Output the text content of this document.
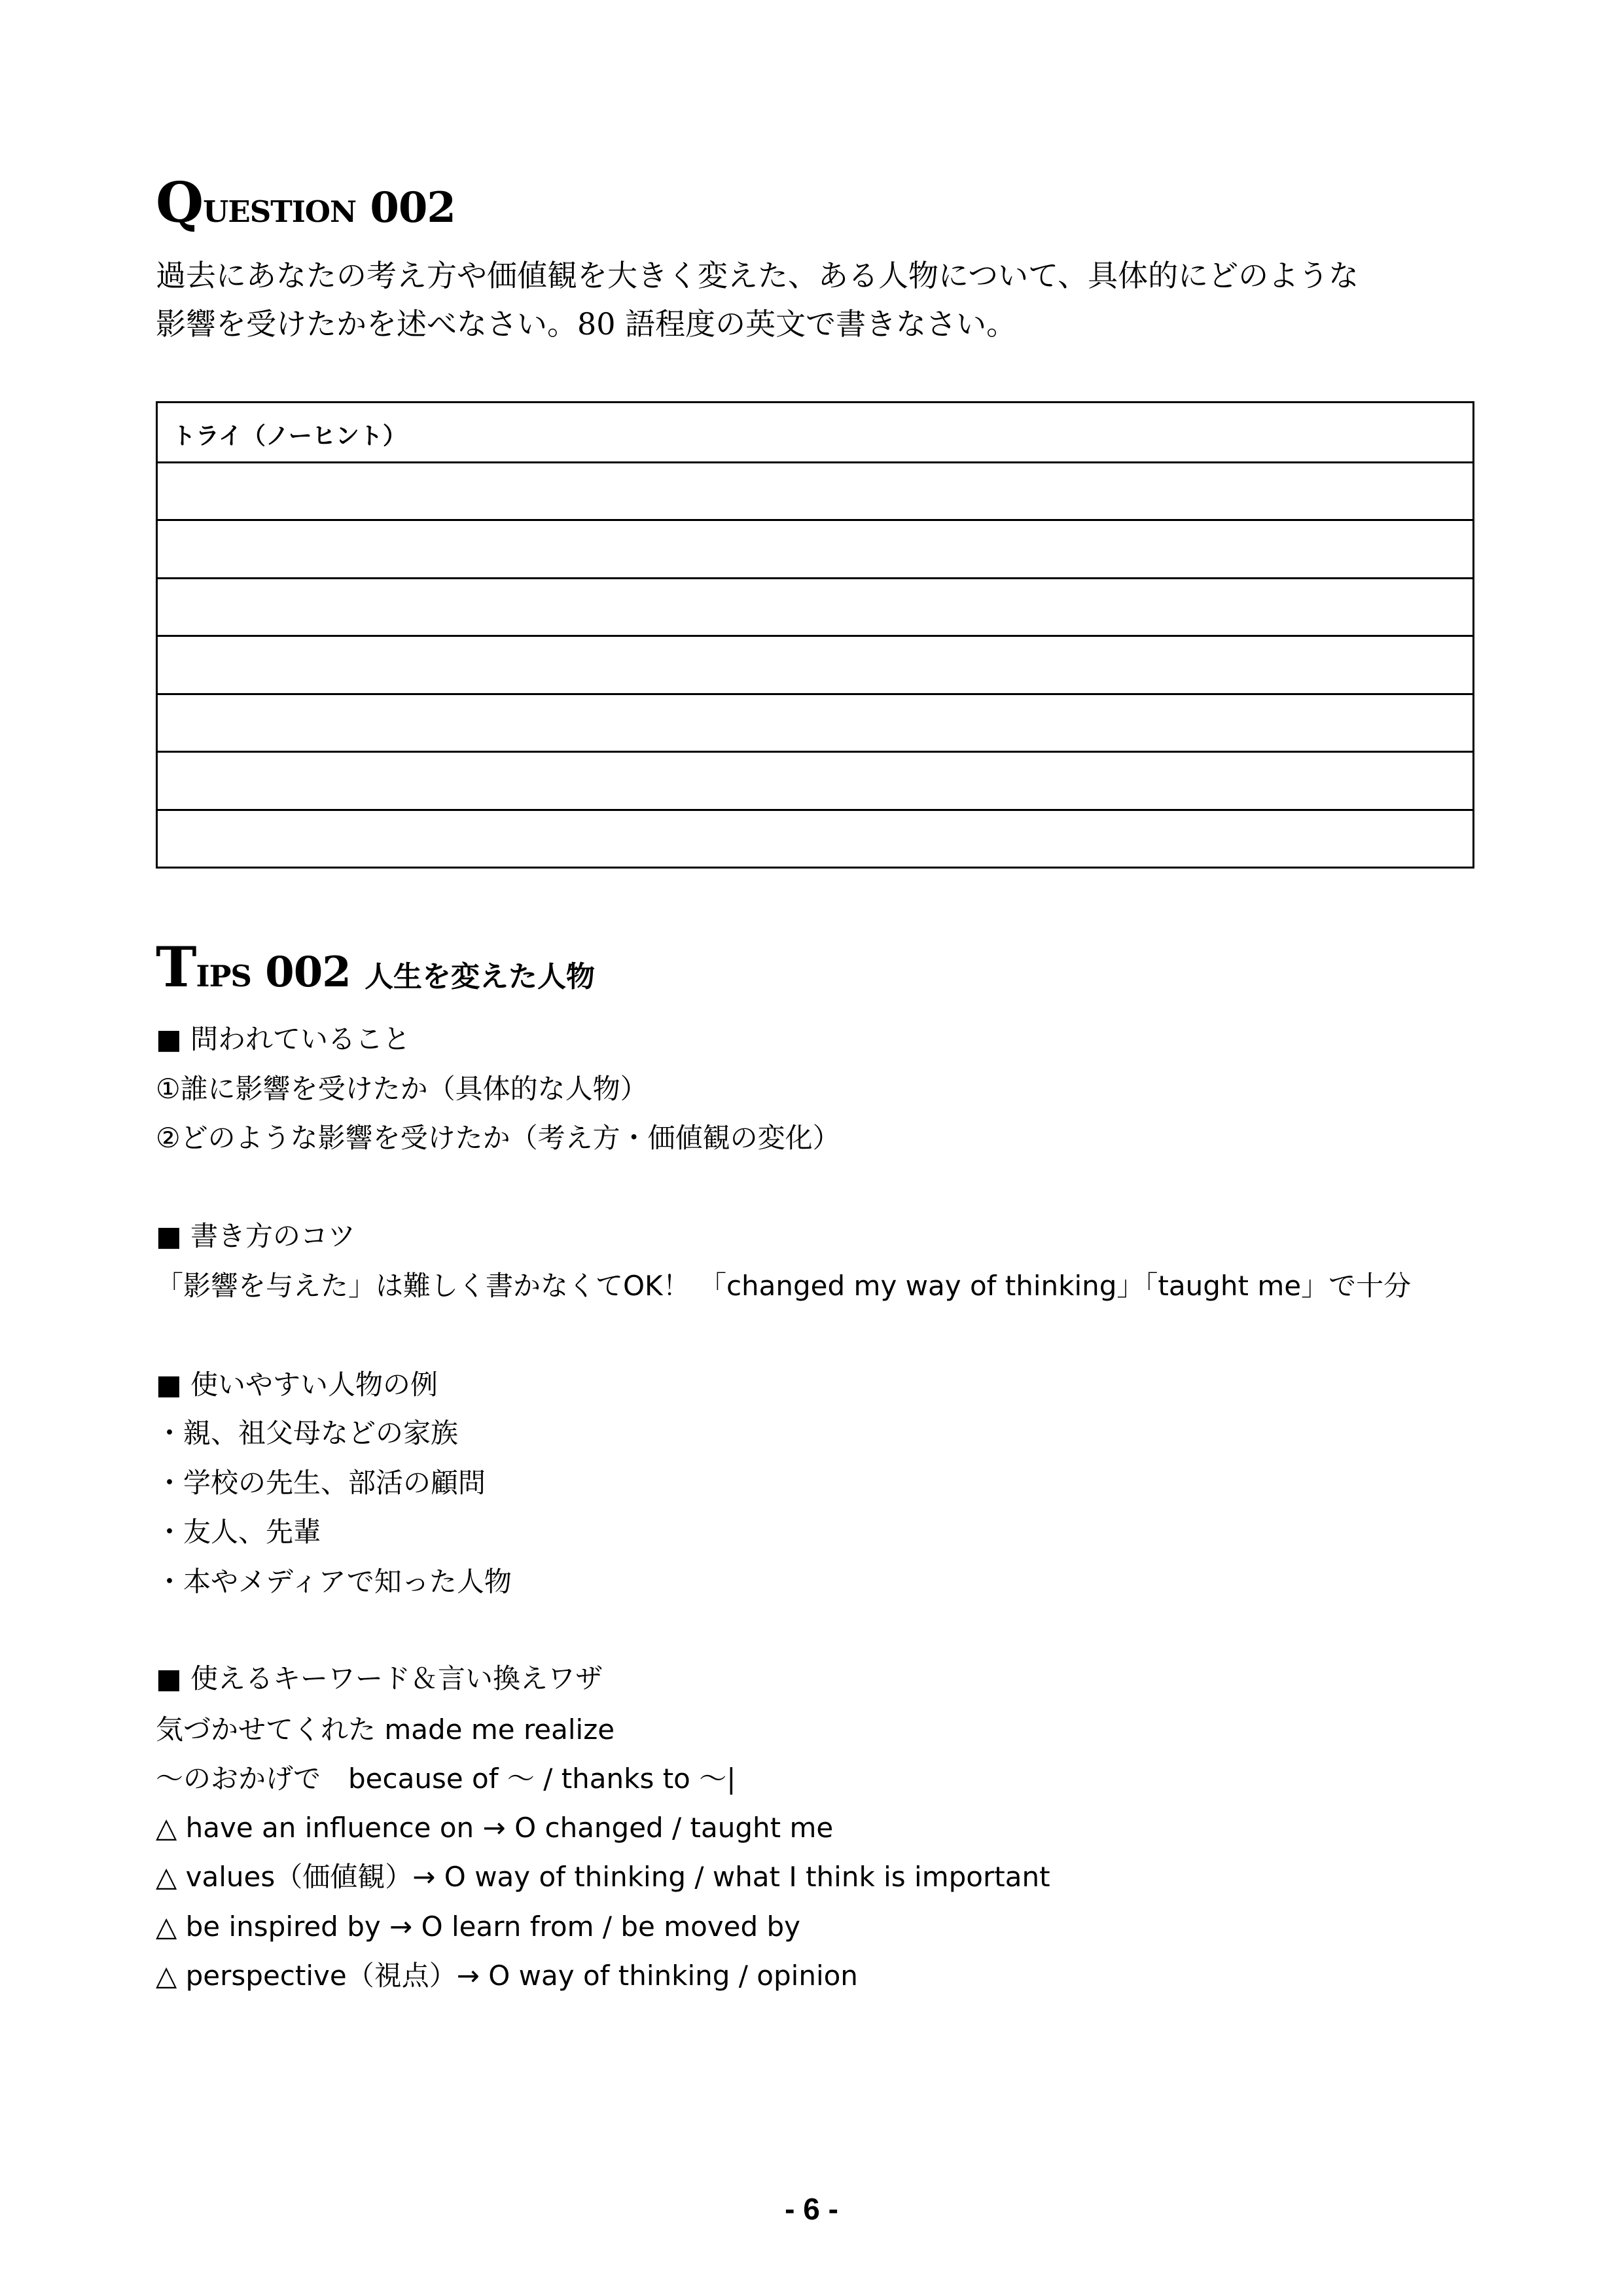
Question 002
過去にあなたの考え方や価値観を大きく変えた、ある人物について、具体的にどのような
影響を受けたかを述べなさい。80 語程度の英文で書きなさい。
トライ（ノーヒント）
Tips 002 人生を変えた人物
■ 問われていること
①誰に影響を受けたか（具体的な人物）
②どのような影響を受けたか（考え方・価値観の変化）
■ 書き方のコツ
「影響を与えた」は難しく書かなくてOK！ 「changed my way of thinking」「taught me」で十分
■ 使いやすい人物の例
・親、祖父母などの家族
・学校の先生、部活の顧問
・友人、先輩
・本やメディアで知った人物
■ 使えるキーワード＆言い換えワザ
気づかせてくれた made me realize
～のおかげで　because of ～ / thanks to ～|
△ have an influence on → O changed / taught me
△ values（価値観）→ O way of thinking / what I think is important
△ be inspired by → O learn from / be moved by
△ perspective（視点）→ O way of thinking / opinion
- 6 -
